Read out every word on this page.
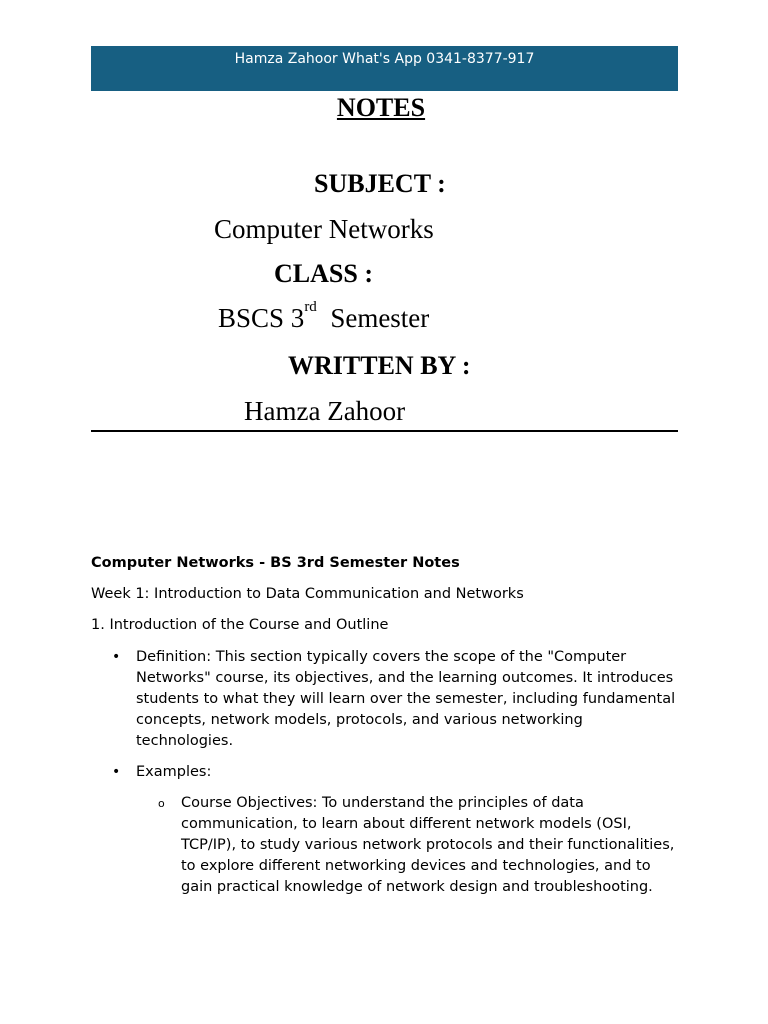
Hamza Zahoor What's App 0341-8377-917
NOTES
SUBJECT :
Computer Networks
CLASS :
BSCS 3rd Semester
WRITTEN BY :
Hamza Zahoor
Computer Networks - BS 3rd Semester Notes
Week 1: Introduction to Data Communication and Networks
1. Introduction of the Course and Outline
• Definition: This section typically covers the scope of the "Computer Networks" course, its objectives, and the learning outcomes. It introduces students to what they will learn over the semester, including fundamental concepts, network models, protocols, and various networking technologies.
• Examples:
o Course Objectives: To understand the principles of data communication, to learn about different network models (OSI, TCP/IP), to study various network protocols and their functionalities, to explore different networking devices and technologies, and to gain practical knowledge of network design and troubleshooting.
